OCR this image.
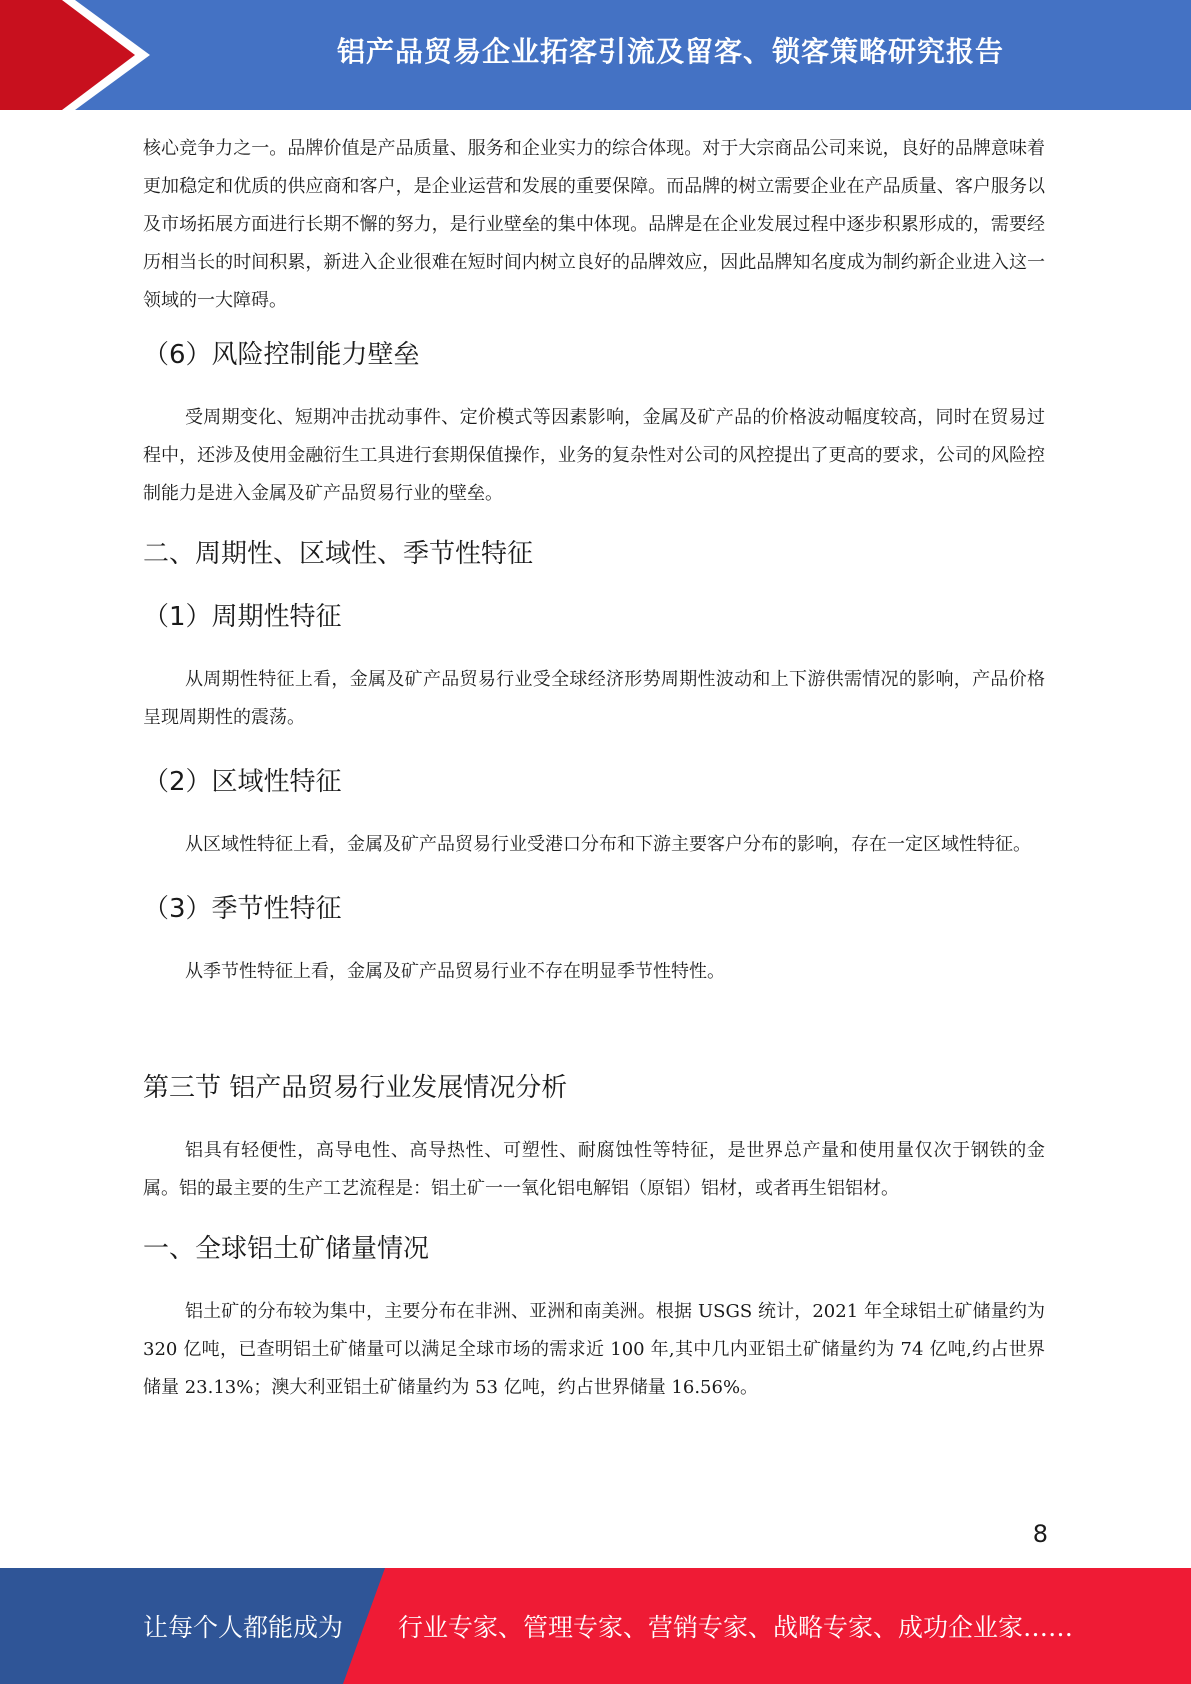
铝产品贸易企业拓客引流及留客、锁客策略研究报告

核心竞争力之一。品牌价值是产品质量、服务和企业实力的综合体现。对于大宗商品公司来说，良好的品牌意味着更加稳定和优质的供应商和客户，是企业运营和发展的重要保障。而品牌的树立需要企业在产品质量、客户服务以及市场拓展方面进行长期不懈的努力，是行业壁垒的集中体现。品牌是在企业发展过程中逐步积累形成的，需要经历相当长的时间积累，新进入企业很难在短时间内树立良好的品牌效应，因此品牌知名度成为制约新企业进入这一领域的一大障碍。

（6）风险控制能力壁垒

受周期变化、短期冲击扰动事件、定价模式等因素影响，金属及矿产品的价格波动幅度较高，同时在贸易过程中，还涉及使用金融衍生工具进行套期保值操作，业务的复杂性对公司的风控提出了更高的要求，公司的风险控制能力是进入金属及矿产品贸易行业的壁垒。

二、周期性、区域性、季节性特征
（1）周期性特征

从周期性特征上看，金属及矿产品贸易行业受全球经济形势周期性波动和上下游供需情况的影响，产品价格呈现周期性的震荡。

（2）区域性特征

从区域性特征上看，金属及矿产品贸易行业受港口分布和下游主要客户分布的影响，存在一定区域性特征。

（3）季节性特征

从季节性特征上看，金属及矿产品贸易行业不存在明显季节性特性。

第三节 铝产品贸易行业发展情况分析

铝具有轻便性，高导电性、高导热性、可塑性、耐腐蚀性等特征，是世界总产量和使用量仅次于钢铁的金属。铝的最主要的生产工艺流程是：铝土矿一一氧化铝电解铝（原铝）铝材，或者再生铝铝材。

一、全球铝土矿储量情况

铝土矿的分布较为集中，主要分布在非洲、亚洲和南美洲。根据 USGS 统计，2021 年全球铝土矿储量约为 320 亿吨，已查明铝土矿储量可以满足全球市场的需求近 100 年,其中几内亚铝土矿储量约为 74 亿吨,约占世界储量 23.13%；澳大利亚铝土矿储量约为 53 亿吨，约占世界储量 16.56%。

8
让每个人都能成为 行业专家、管理专家、营销专家、战略专家、成功企业家……
